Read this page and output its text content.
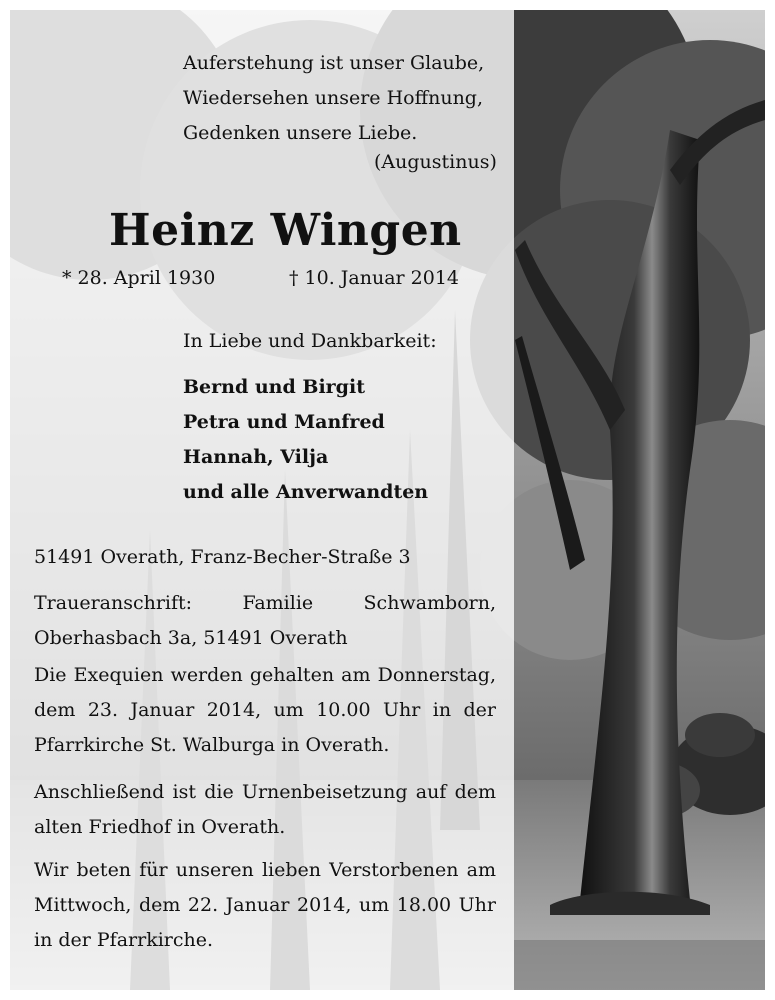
Auferstehung ist unser Glaube,
Wiedersehen unsere Hoffnung,
Gedenken unsere Liebe.
(Augustinus)
Heinz Wingen
* 28. April 1930	† 10. Januar 2014
In Liebe und Dankbarkeit:
Bernd und Birgit
Petra und Manfred
Hannah, Vilja
und alle Anverwandten
51491 Overath, Franz-Becher-Straße 3

Traueranschrift: Familie Schwamborn, Oberhasbach 3a, 51491 Overath

Die Exequien werden gehalten am Donnerstag, dem 23. Januar 2014, um 10.00 Uhr in der Pfarrkirche St. Walburga in Overath.

Anschließend ist die Urnenbeisetzung auf dem alten Friedhof in Overath.

Wir beten für unseren lieben Verstorbenen am Mittwoch, dem 22. Januar 2014, um 18.00 Uhr in der Pfarrkirche.
